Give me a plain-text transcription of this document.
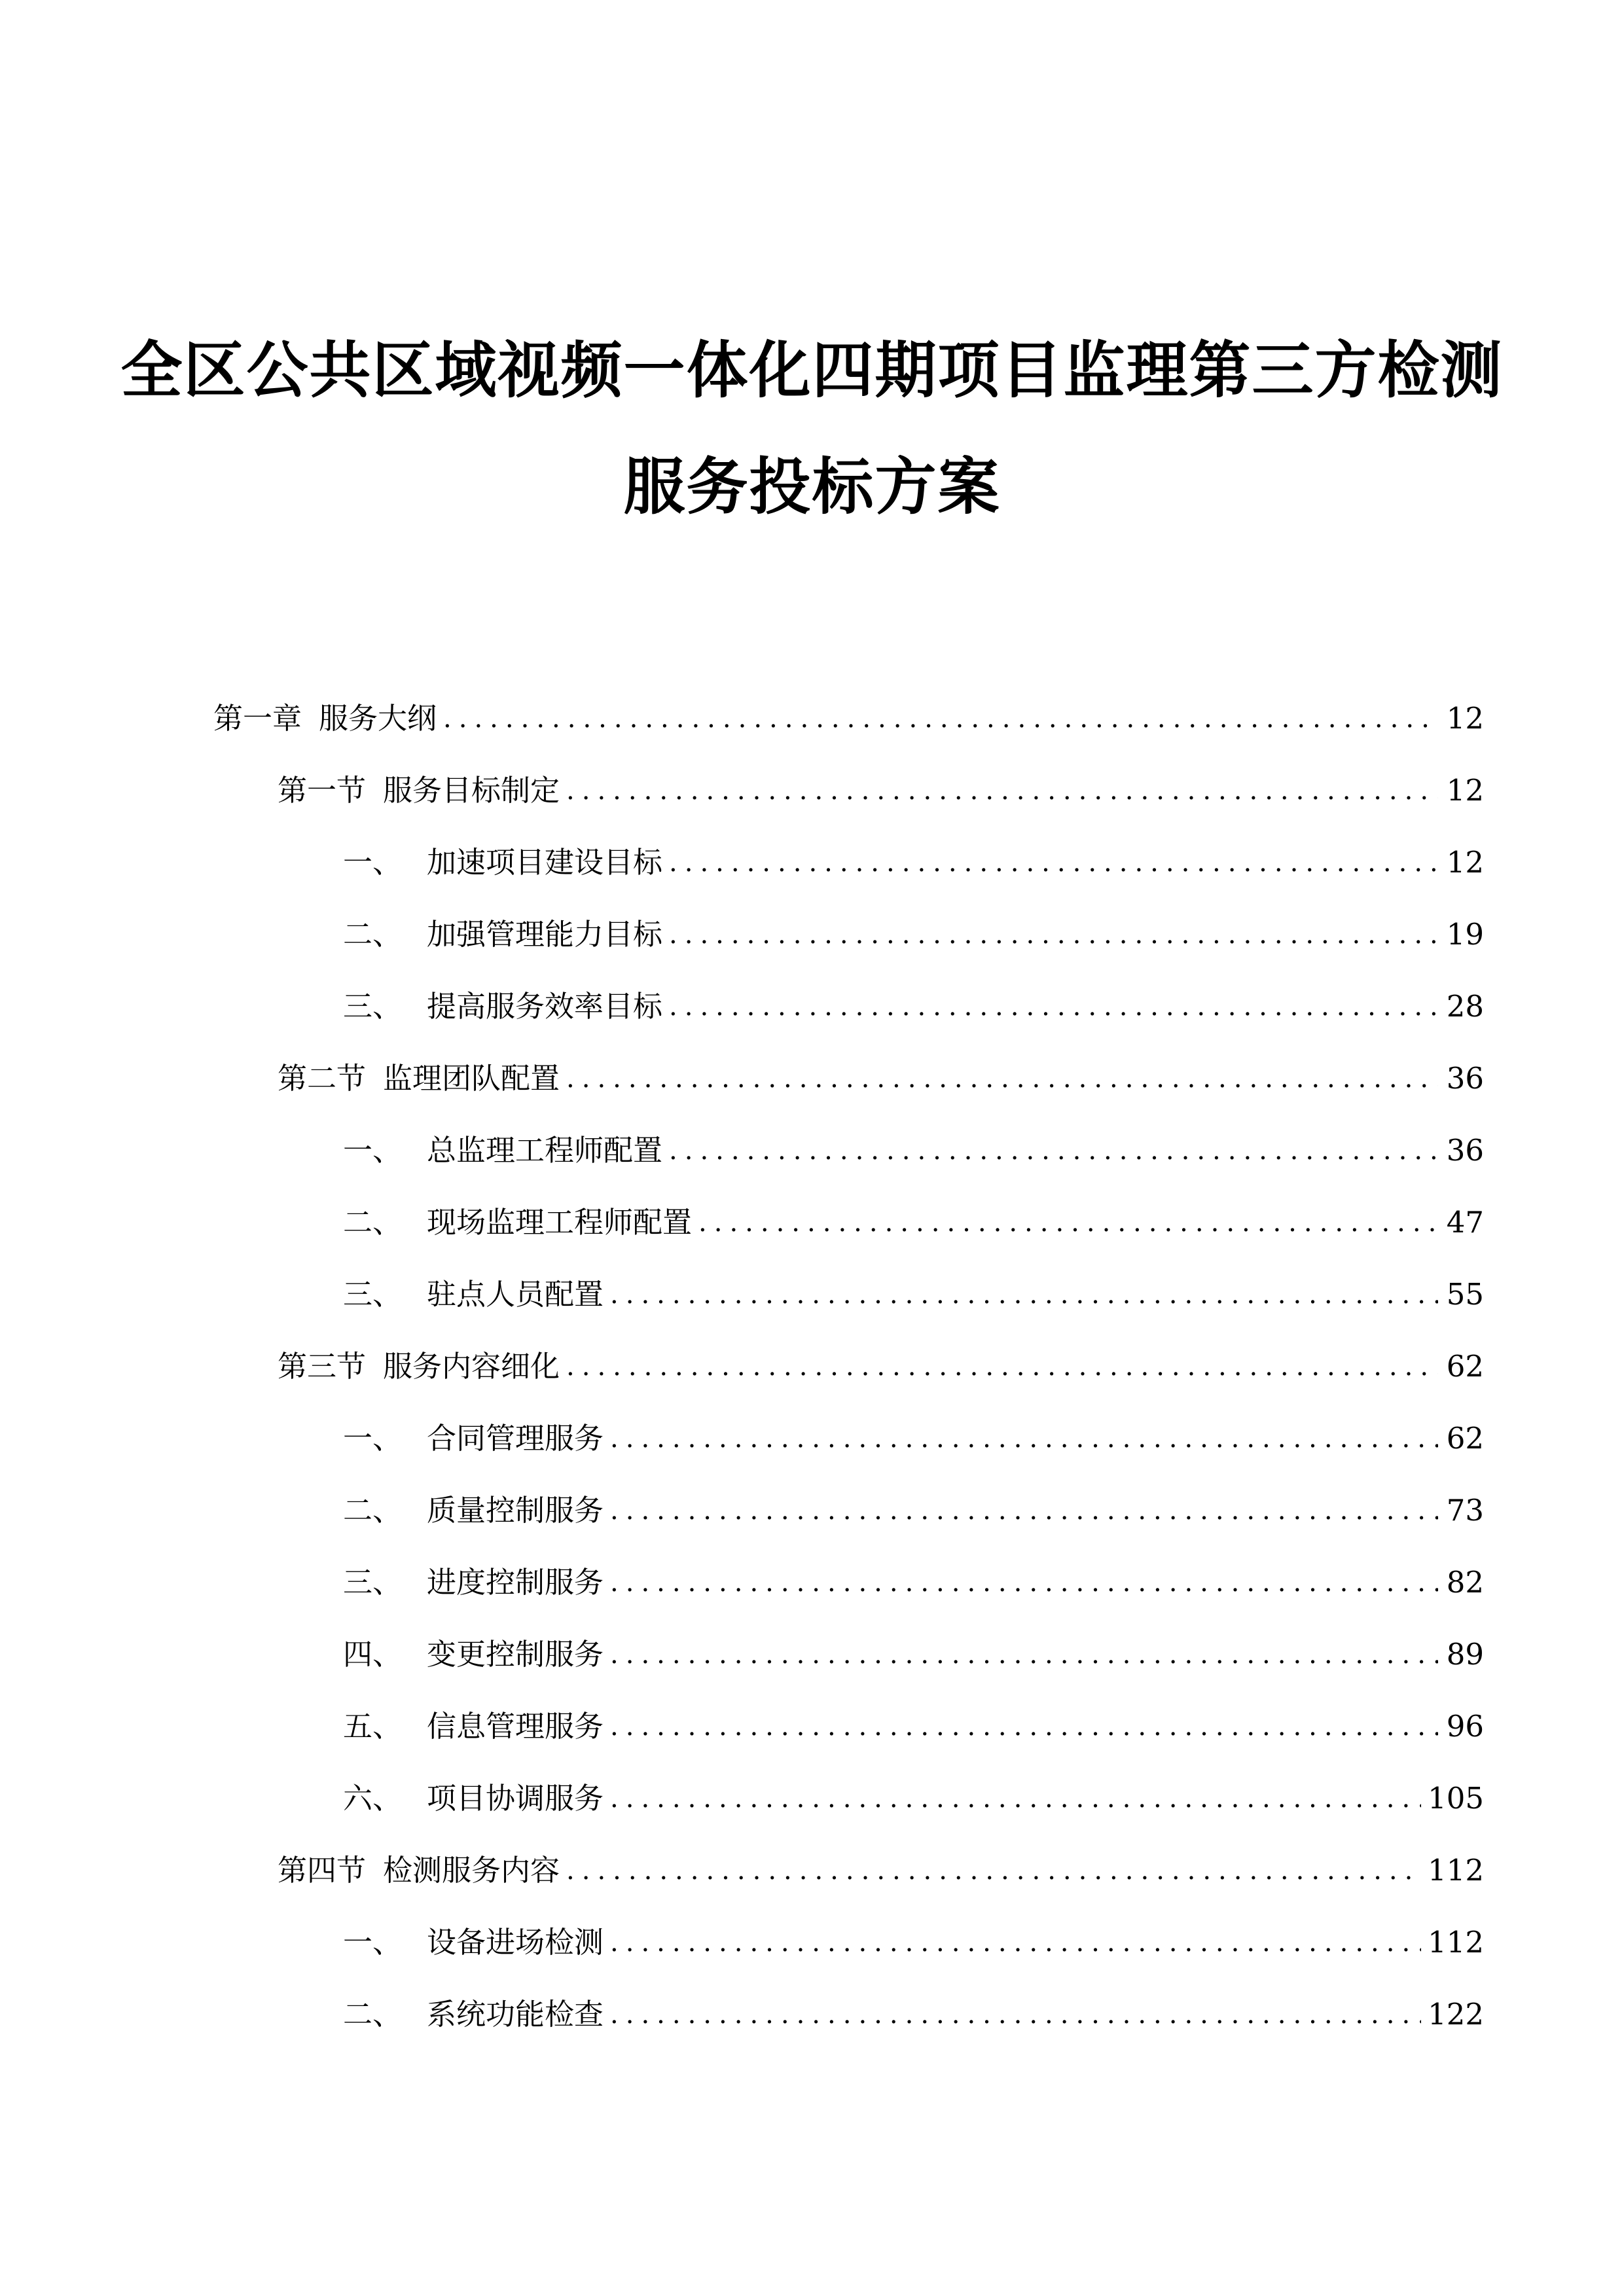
全区公共区域视频一体化四期项目监理第三方检测
服务投标方案
第一章 服务大纲 .....	12
第一节 服务目标制定 .....	12
一、 加速项目建设目标 .....	12
二、 加强管理能力目标 .....	19
三、 提高服务效率目标 .....	28
第二节 监理团队配置 .....	36
一、 总监理工程师配置 .....	36
二、 现场监理工程师配置 .....	47
三、 驻点人员配置 .....	55
第三节 服务内容细化 .....	62
一、 合同管理服务 .....	62
二、 质量控制服务 .....	73
三、 进度控制服务 .....	82
四、 变更控制服务 .....	89
五、 信息管理服务 .....	96
六、 项目协调服务 .....	105
第四节 检测服务内容 .....	112
一、 设备进场检测 .....	112
二、 系统功能检查 .....	122
